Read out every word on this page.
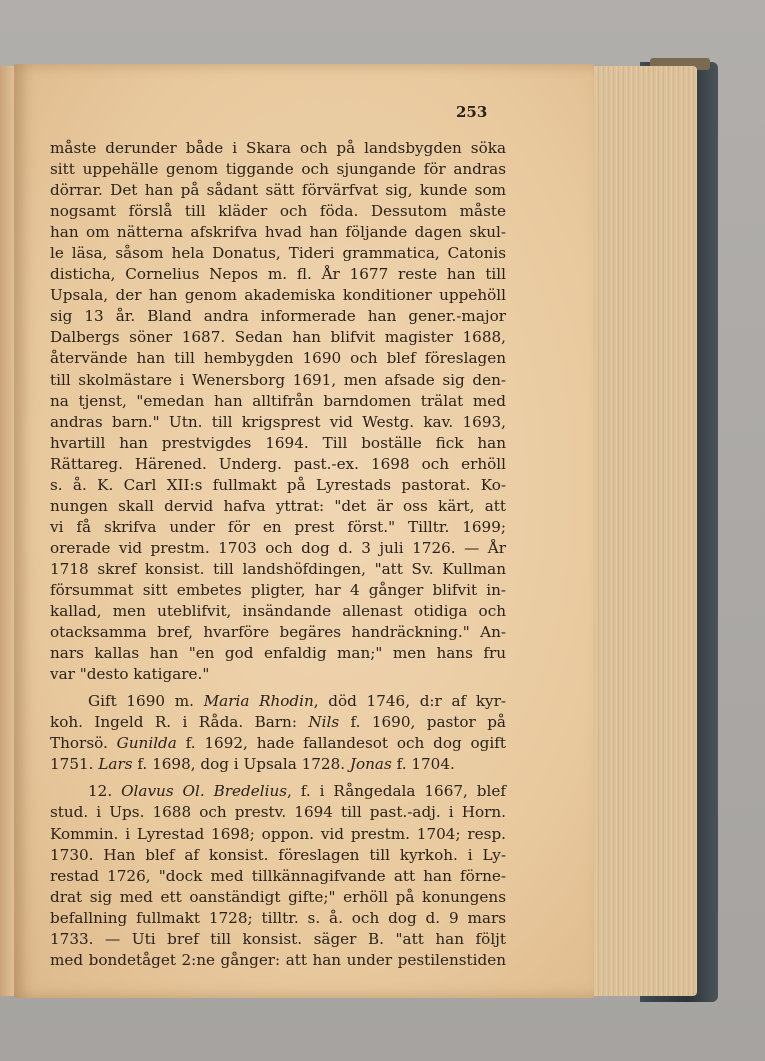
253
måste derunder både i Skara och på landsbygden söka
sitt uppehälle genom tiggande och sjungande för andras
dörrar. Det han på sådant sätt förvärfvat sig, kunde som
nogsamt förslå till kläder och föda. Dessutom måste
han om nätterna afskrifva hvad han följande dagen skul-
le läsa, såsom hela Donatus, Tideri grammatica, Catonis
disticha, Cornelius Nepos m. fl. År 1677 reste han till
Upsala, der han genom akademiska konditioner uppehöll
sig 13 år. Bland andra informerade han gener.-major
Dalbergs söner 1687. Sedan han blifvit magister 1688,
återvände han till hembygden 1690 och blef föreslagen
till skolmästare i Wenersborg 1691, men afsade sig den-
na tjenst, "emedan han alltifrån barndomen trälat med
andras barn." Utn. till krigsprest vid Westg. kav. 1693,
hvartill han prestvigdes 1694. Till boställe fick han
Rättareg. Härened. Underg. past.-ex. 1698 och erhöll
s. å. K. Carl XII:s fullmakt på Lyrestads pastorat. Ko-
nungen skall dervid hafva yttrat: "det är oss kärt, att
vi få skrifva under för en prest först." Tilltr. 1699;
orerade vid prestm. 1703 och dog d. 3 juli 1726. — År
1718 skref konsist. till landshöfdingen, "att Sv. Kullman
försummat sitt embetes pligter, har 4 gånger blifvit in-
kallad, men uteblifvit, insändande allenast otidiga och
otacksamma bref, hvarföre begäres handräckning." An-
nars kallas han "en god enfaldig man;" men hans fru
var "desto katigare."
Gift 1690 m. Maria Rhodin, död 1746, d:r af kyr-
koh. Ingeld R. i Råda. Barn: Nils f. 1690, pastor på
Thorsö. Gunilda f. 1692, hade fallandesot och dog ogift
1751. Lars f. 1698, dog i Upsala 1728. Jonas f. 1704.
12. Olavus Ol. Bredelius, f. i Rångedala 1667, blef
stud. i Ups. 1688 och prestv. 1694 till past.-adj. i Horn.
Kommin. i Lyrestad 1698; oppon. vid prestm. 1704; resp.
1730. Han blef af konsist. föreslagen till kyrkoh. i Ly-
restad 1726, "dock med tillkännagifvande att han förne-
drat sig med ett oanständigt gifte;" erhöll på konungens
befallning fullmakt 1728; tilltr. s. å. och dog d. 9 mars
1733. — Uti bref till konsist. säger B. "att han följt
med bondetåget 2:ne gånger: att han under pestilenstiden
